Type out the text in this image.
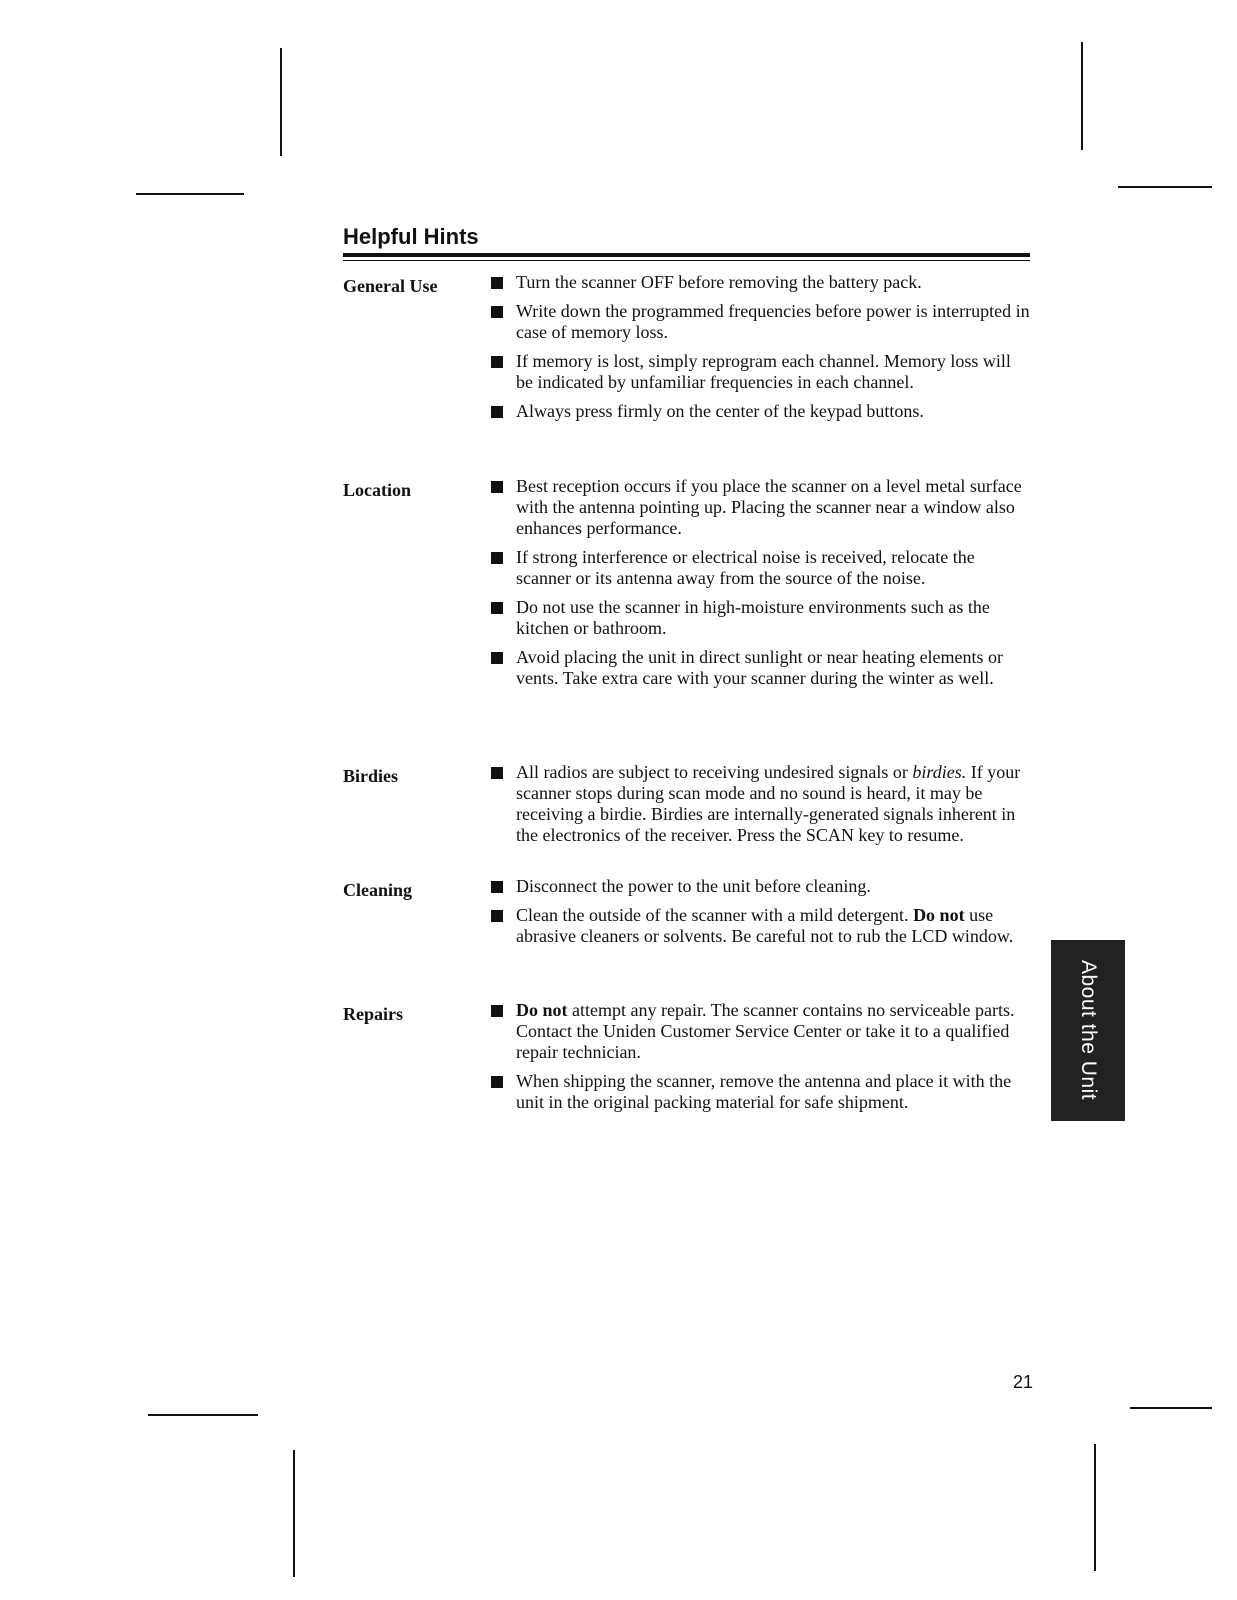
Helpful Hints
General Use	Turn the scanner OFF before removing the battery pack.
Write down the programmed frequencies before power is interrupted in case of memory loss.
If memory is lost, simply reprogram each channel. Memory loss will be indicated by unfamiliar frequencies in each channel.
Always press firmly on the center of the keypad buttons.
Location	Best reception occurs if you place the scanner on a level metal surface with the antenna pointing up. Placing the scanner near a window also enhances performance.
If strong interference or electrical noise is received, relocate the scanner or its antenna away from the source of the noise.
Do not use the scanner in high-moisture environments such as the kitchen or bathroom.
Avoid placing the unit in direct sunlight or near heating elements or vents. Take extra care with your scanner during the winter as well.
Birdies	All radios are subject to receiving undesired signals or birdies. If your scanner stops during scan mode and no sound is heard, it may be receiving a birdie. Birdies are internally-generated signals inherent in the electronics of the receiver. Press the SCAN key to resume.
Cleaning	Disconnect the power to the unit before cleaning.
Clean the outside of the scanner with a mild detergent. Do not use abrasive cleaners or solvents. Be careful not to rub the LCD window.
Repairs	Do not attempt any repair. The scanner contains no serviceable parts. Contact the Uniden Customer Service Center or take it to a qualified repair technician.
When shipping the scanner, remove the antenna and place it with the unit in the original packing material for safe shipment.
About the Unit
21
